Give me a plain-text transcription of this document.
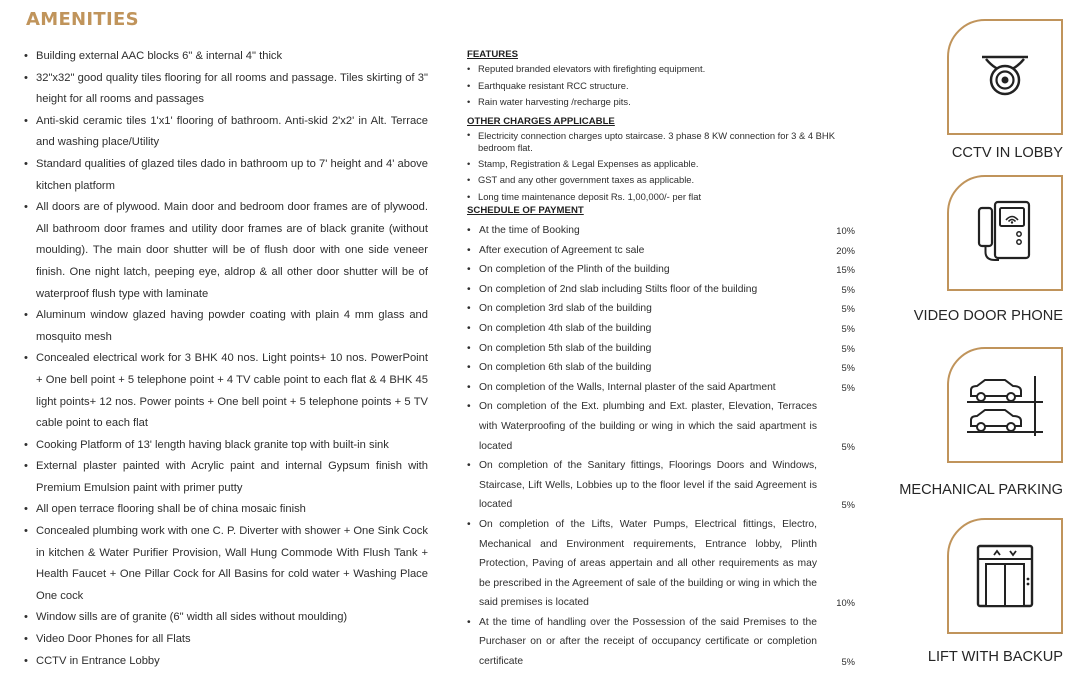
AMENITIES
• Building external AAC blocks 6" & internal 4" thick
• 32"x32" good quality tiles flooring for all rooms and passage. Tiles skirting of 3" height for all rooms and passages
• Anti-skid ceramic tiles 1'x1' flooring of bathroom. Anti-skid 2'x2' in Alt. Terrace and washing place/Utility
• Standard qualities of glazed tiles dado in bathroom up to 7' height and 4' above kitchen platform
• All doors are of plywood. Main door and bedroom door frames are of plywood. All bathroom door frames and utility door frames are of black granite (without moulding). The main door shutter will be of flush door with one side veneer finish. One night latch, peeping eye, aldrop & all other door shutter will be of waterproof flush type with laminate
• Aluminum window glazed having powder coating with plain 4 mm glass and mosquito mesh
• Concealed electrical work for 3 BHK 40 nos. Light points+ 10 nos. PowerPoint + One bell point + 5 telephone point + 4 TV cable point to each flat & 4 BHK 45 light points+ 12 nos. Power points + One bell point + 5 telephone points + 5 TV cable point to each flat
• Cooking Platform of 13' length having black granite top with built-in sink
• External plaster painted with Acrylic paint and internal Gypsum finish with Premium Emulsion paint with primer putty
• All open terrace flooring shall be of china mosaic finish
• Concealed plumbing work with one C. P. Diverter with shower + One Sink Cock in kitchen & Water Purifier Provision, Wall Hung Commode With Flush Tank + Health Faucet + One Pillar Cock for All Basins for cold water + Washing Place One cock
• Window sills are of granite (6" width all sides without moulding)
• Video Door Phones for all Flats
• CCTV in Entrance Lobby
FEATURES
• Reputed branded elevators with firefighting equipment.
• Earthquake resistant RCC structure.
• Rain water harvesting /recharge pits.
OTHER CHARGES APPLICABLE
• Electricity connection charges upto staircase. 3 phase 8 KW connection for 3 & 4 BHK bedroom flat.
• Stamp, Registration & Legal Expenses as applicable.
• GST and any other government taxes as applicable.
• Long time maintenance deposit Rs. 1,00,000/- per flat
SCHEDULE OF PAYMENT
• At the time of Booking	10%
• After execution of Agreement tc sale	20%
• On completion of the Plinth of the building	15%
• On completion of 2nd slab including Stilts floor of the building	5%
• On completion 3rd slab of the building	5%
• On completion 4th slab of the building	5%
• On completion 5th slab of the building	5%
• On completion 6th slab of the building	5%
• On completion of the Walls, Internal plaster of the said Apartment	5%
• On completion of the Ext. plumbing and Ext. plaster, Elevation, Terraces with Waterproofing of the building or wing in which the said apartment is located	5%
• On completion of the Sanitary fittings, Floorings Doors and Windows, Staircase, Lift Wells, Lobbies up to the floor level if the said Agreement is located	5%
• On completion of the Lifts, Water Pumps, Electrical fittings, Electro, Mechanical and Environment requirements, Entrance lobby, Plinth Protection, Paving of areas appertain and all other requirements as may be prescribed in the Agreement of sale of the building or wing in which the said premises is located	10%
• At the time of handling over the Possession of the said Premises to the Purchaser on or after the receipt of occupancy certificate or completion certificate	5%
CCTV IN LOBBY
VIDEO DOOR PHONE
MECHANICAL PARKING
LIFT WITH BACKUP
